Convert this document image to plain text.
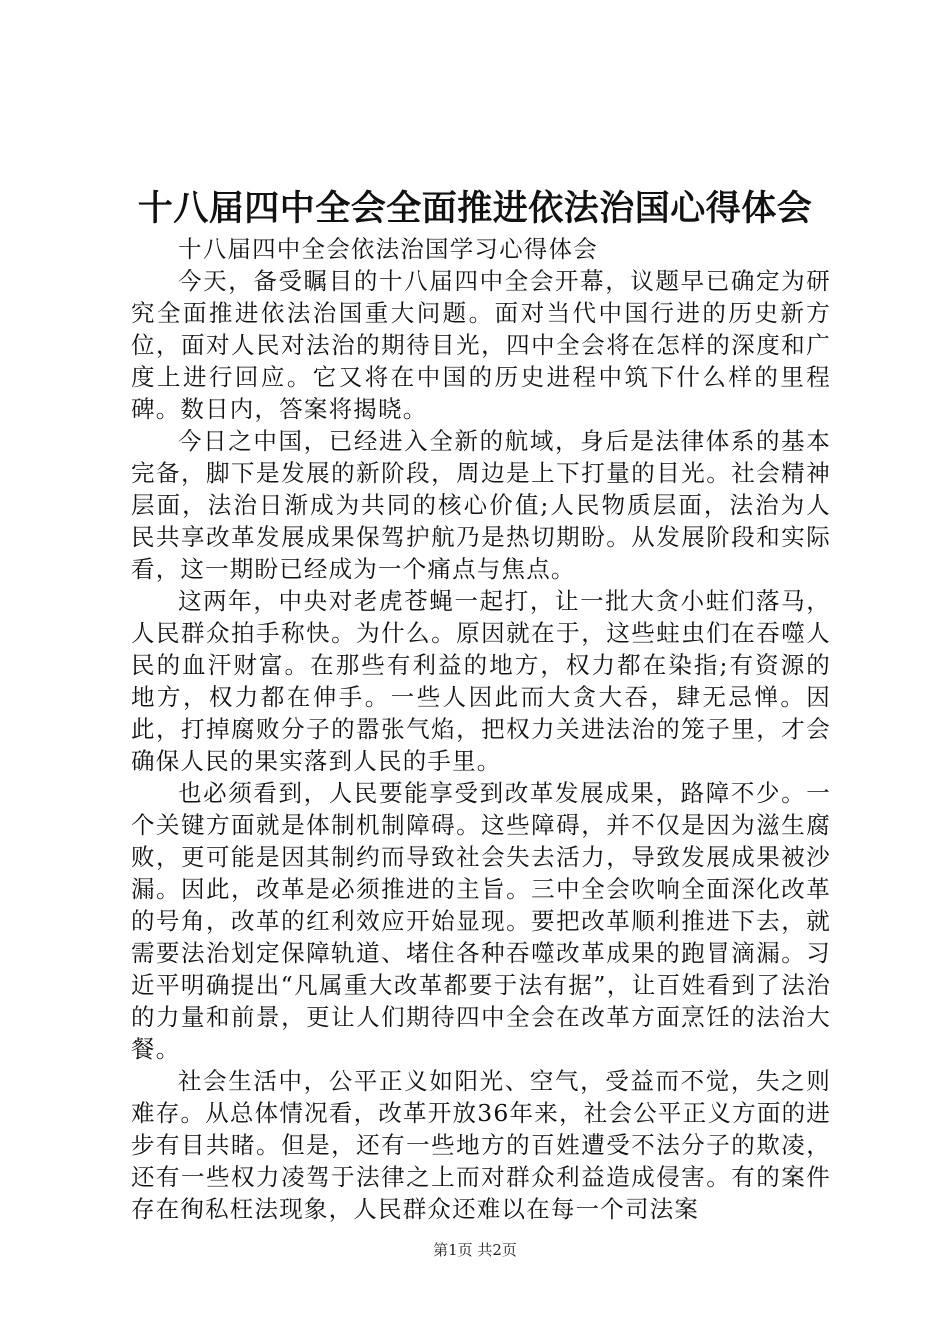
十八届四中全会全面推进依法治国心得体会

十八届四中全会依法治国学习心得体会

今天，备受瞩目的十八届四中全会开幕，议题早已确定为研究全面推进依法治国重大问题。面对当代中国行进的历史新方位，面对人民对法治的期待目光，四中全会将在怎样的深度和广度上进行回应。它又将在中国的历史进程中筑下什么样的里程碑。数日内，答案将揭晓。

今日之中国，已经进入全新的航域，身后是法律体系的基本完备，脚下是发展的新阶段，周边是上下打量的目光。社会精神层面，法治日渐成为共同的核心价值;人民物质层面，法治为人民共享改革发展成果保驾护航乃是热切期盼。从发展阶段和实际看，这一期盼已经成为一个痛点与焦点。

这两年，中央对老虎苍蝇一起打，让一批大贪小蛀们落马，人民群众拍手称快。为什么。原因就在于，这些蛀虫们在吞噬人民的血汗财富。在那些有利益的地方，权力都在染指;有资源的地方，权力都在伸手。一些人因此而大贪大吞，肆无忌惮。因此，打掉腐败分子的嚣张气焰，把权力关进法治的笼子里，才会确保人民的果实落到人民的手里。

也必须看到，人民要能享受到改革发展成果，路障不少。一个关键方面就是体制机制障碍。这些障碍，并不仅是因为滋生腐败，更可能是因其制约而导致社会失去活力，导致发展成果被沙漏。因此，改革是必须推进的主旨。三中全会吹响全面深化改革的号角，改革的红利效应开始显现。要把改革顺利推进下去，就需要法治划定保障轨道、堵住各种吞噬改革成果的跑冒滴漏。习近平明确提出“凡属重大改革都要于法有据”，让百姓看到了法治的力量和前景，更让人们期待四中全会在改革方面烹饪的法治大餐。

社会生活中，公平正义如阳光、空气，受益而不觉，失之则难存。从总体情况看，改革开放36年来，社会公平正义方面的进步有目共睹。但是，还有一些地方的百姓遭受不法分子的欺凌，还有一些权力凌驾于法律之上而对群众利益造成侵害。有的案件存在徇私枉法现象，人民群众还难以在每一个司法案

第1页 共2页
